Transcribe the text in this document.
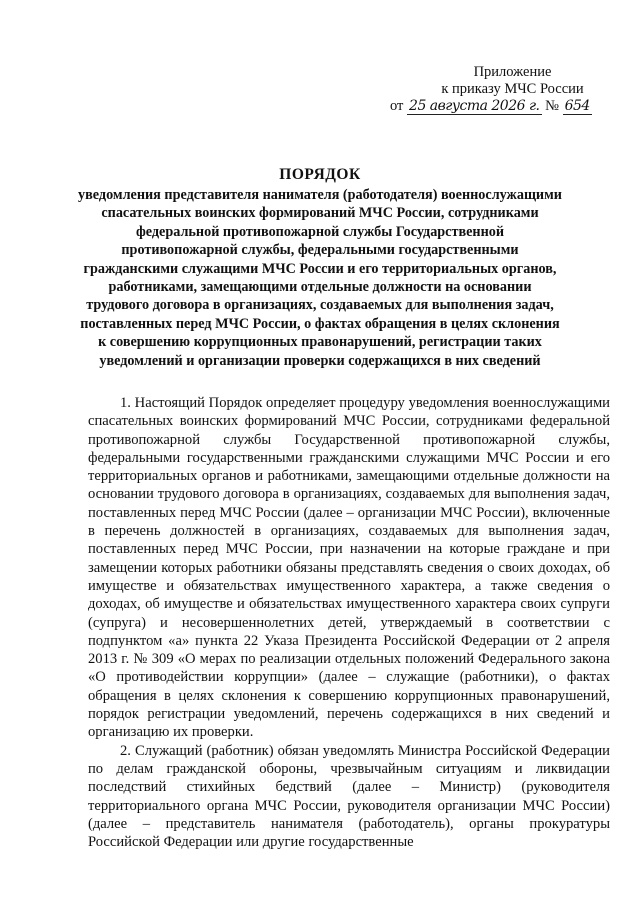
Приложение
к приказу МЧС России
от 25 августа 2026 г. № 654
ПОРЯДОК
уведомления представителя нанимателя (работодателя) военнослужащими спасательных воинских формирований МЧС России, сотрудниками федеральной противопожарной службы Государственной противопожарной службы, федеральными государственными гражданскими служащими МЧС России и его территориальных органов, работниками, замещающими отдельные должности на основании трудового договора в организациях, создаваемых для выполнения задач, поставленных перед МЧС России, о фактах обращения в целях склонения к совершению коррупционных правонарушений, регистрации таких уведомлений и организации проверки содержащихся в них сведений

1. Настоящий Порядок определяет процедуру уведомления военнослужащими спасательных воинских формирований МЧС России, сотрудниками федеральной противопожарной службы Государственной противопожарной службы, федеральными государственными гражданскими служащими МЧС России и его территориальных органов и работниками, замещающими отдельные должности на основании трудового договора в организациях, создаваемых для выполнения задач, поставленных перед МЧС России (далее – организации МЧС России), включенные в перечень должностей в организациях, создаваемых для выполнения задач, поставленных перед МЧС России, при назначении на которые граждане и при замещении которых работники обязаны представлять сведения о своих доходах, об имуществе и обязательствах имущественного характера, а также сведения о доходах, об имуществе и обязательствах имущественного характера своих супруги (супруга) и несовершеннолетних детей, утверждаемый в соответствии с подпунктом «а» пункта 22 Указа Президента Российской Федерации от 2 апреля 2013 г. № 309 «О мерах по реализации отдельных положений Федерального закона «О противодействии коррупции» (далее – служащие (работники), о фактах обращения в целях склонения к совершению коррупционных правонарушений, порядок регистрации уведомлений, перечень содержащихся в них сведений и организацию их проверки.

2. Служащий (работник) обязан уведомлять Министра Российской Федерации по делам гражданской обороны, чрезвычайным ситуациям и ликвидации последствий стихийных бедствий (далее – Министр) (руководителя территориального органа МЧС России, руководителя организации МЧС России) (далее – представитель нанимателя (работодатель), органы прокуратуры Российской Федерации или другие государственные
